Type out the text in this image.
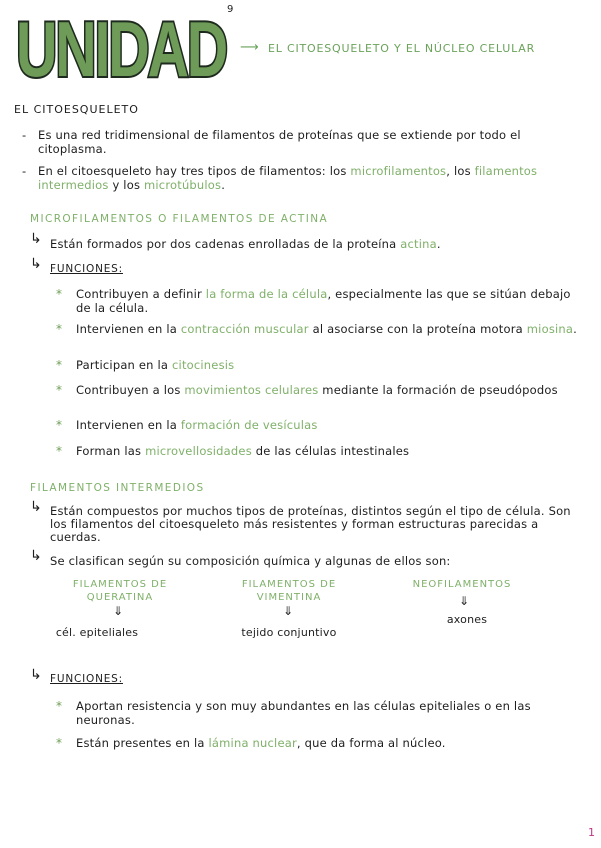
UNIDAD 9
⟶ EL CITOESQUELETO Y EL NÚCLEO CELULAR
EL CITOESQUELETO
- Es una red tridimensional de filamentos de proteínas que se extiende por todo el citoplasma.
- En el citoesqueleto hay tres tipos de filamentos: los microfilamentos, los filamentos intermedios y los microtúbulos.
MICROFILAMENTOS O FILAMENTOS DE ACTINA
↳ Están formados por dos cadenas enrolladas de la proteína actina.
↳ FUNCIONES:
* Contribuyen a definir la forma de la célula, especialmente las que se sitúan debajo de la célula.
* Intervienen en la contracción muscular al asociarse con la proteína motora miosina.
* Participan en la citocinesis
* Contribuyen a los movimientos celulares mediante la formación de pseudópodos
* Intervienen en la formación de vesículas
* Forman las microvellosidades de las células intestinales
FILAMENTOS INTERMEDIOS
↳ Están compuestos por muchos tipos de proteínas, distintos según el tipo de célula. Son los filamentos del citoesqueleto más resistentes y forman estructuras parecidas a cuerdas.
↳ Se clasifican según su composición química y algunas de ellos son:
FILAMENTOS DE QUERATINA
FILAMENTOS DE VIMENTINA
NEOFILAMENTOS
⇓	⇓
⇓
cél. epiteliales	tejido conjuntivo
axones
↳ FUNCIONES:
* Aportan resistencia y son muy abundantes en las células epiteliales o en las neuronas.
* Están presentes en la lámina nuclear, que da forma al núcleo.
1
